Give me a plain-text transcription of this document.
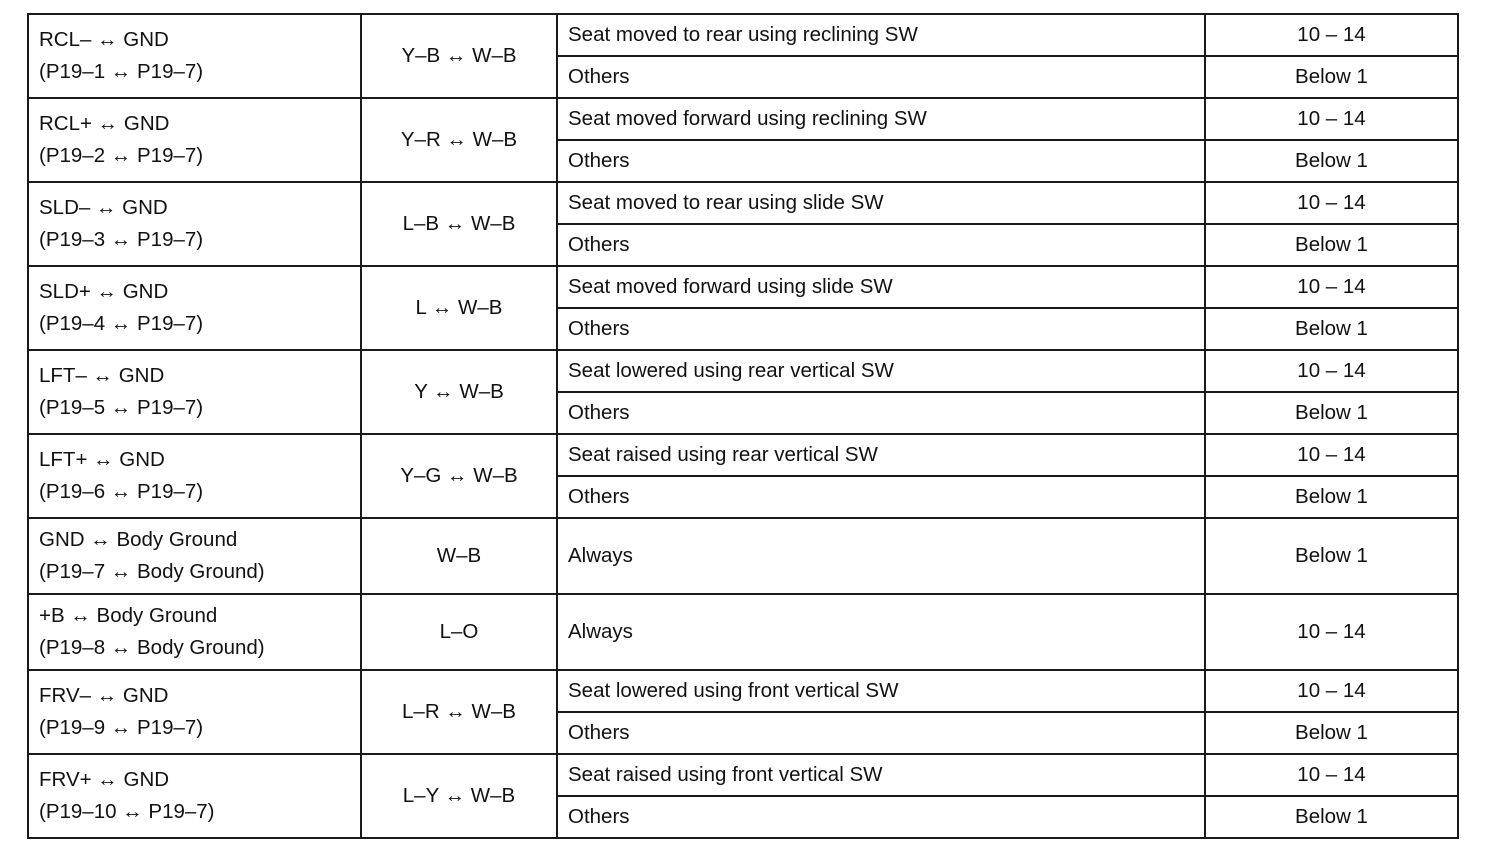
RCL– ↔ GND
(P19–1 ↔ P19–7)	Y–B ↔ W–B	Seat moved to rear using reclining SW	10 – 14
		Others	Below 1

RCL+ ↔ GND
(P19–2 ↔ P19–7)	Y–R ↔ W–B	Seat moved forward using reclining SW	10 – 14
		Others	Below 1

SLD– ↔ GND
(P19–3 ↔ P19–7)	L–B ↔ W–B	Seat moved to rear using slide SW	10 – 14
		Others	Below 1

SLD+ ↔ GND
(P19–4 ↔ P19–7)	L ↔ W–B	Seat moved forward using slide SW	10 – 14
		Others	Below 1

LFT– ↔ GND
(P19–5 ↔ P19–7)	Y ↔ W–B	Seat lowered using rear vertical SW	10 – 14
		Others	Below 1

LFT+ ↔ GND
(P19–6 ↔ P19–7)	Y–G ↔ W–B	Seat raised using rear vertical SW	10 – 14
		Others	Below 1

GND ↔ Body Ground
(P19–7 ↔ Body Ground)	W–B	Always	Below 1

+B ↔ Body Ground
(P19–8 ↔ Body Ground)	L–O	Always	10 – 14

FRV– ↔ GND
(P19–9 ↔ P19–7)	L–R ↔ W–B	Seat lowered using front vertical SW	10 – 14
		Others	Below 1

FRV+ ↔ GND
(P19–10 ↔ P19–7)	L–Y ↔ W–B	Seat raised using front vertical SW	10 – 14
		Others	Below 1
